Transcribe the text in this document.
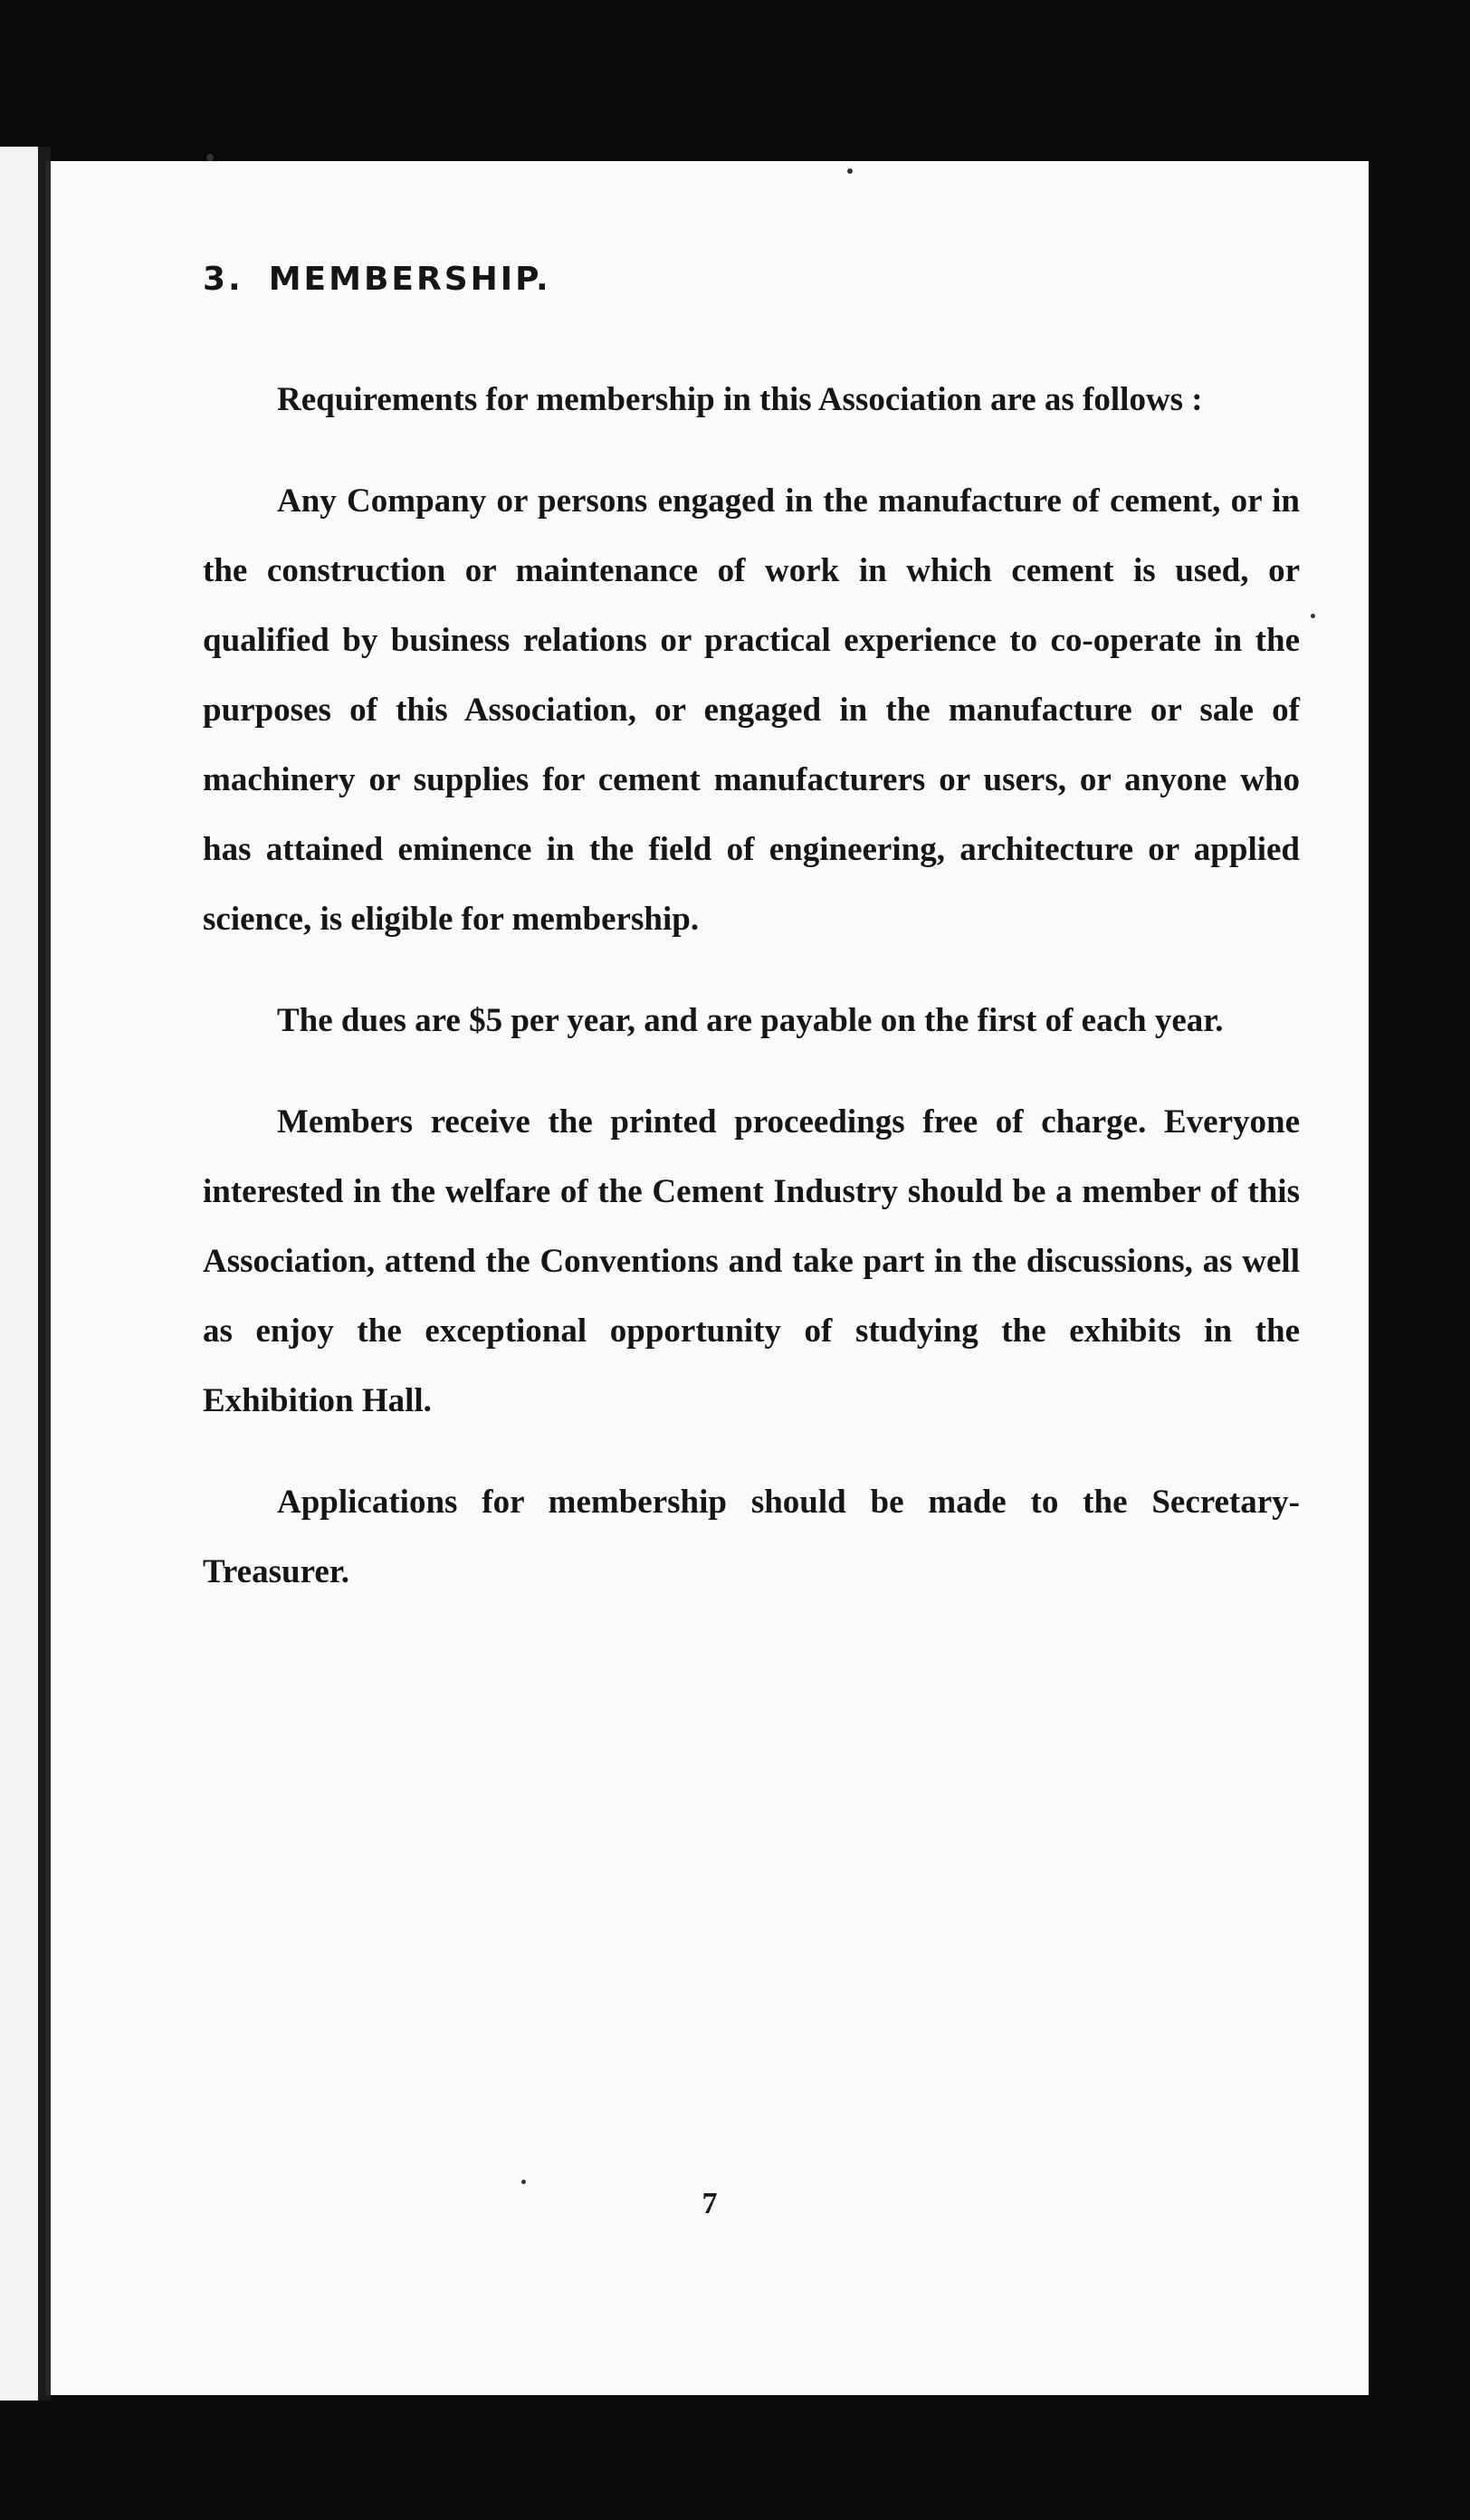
3. MEMBERSHIP.

Requirements for membership in this Association are as follows :

Any Company or persons engaged in the manufacture of cement, or in the construction or maintenance of work in which cement is used, or qualified by business relations or practical experience to co-operate in the purposes of this Association, or engaged in the manufacture or sale of machinery or supplies for cement manufacturers or users, or anyone who has attained eminence in the field of engineering, architecture or applied science, is eligible for membership.

The dues are $5 per year, and are payable on the first of each year.

Members receive the printed proceedings free of charge. Everyone interested in the welfare of the Cement Industry should be a member of this Association, attend the Conventions and take part in the discussions, as well as enjoy the exceptional opportunity of studying the exhibits in the Exhibition Hall.

Applications for membership should be made to the Secretary-Treasurer.

7
